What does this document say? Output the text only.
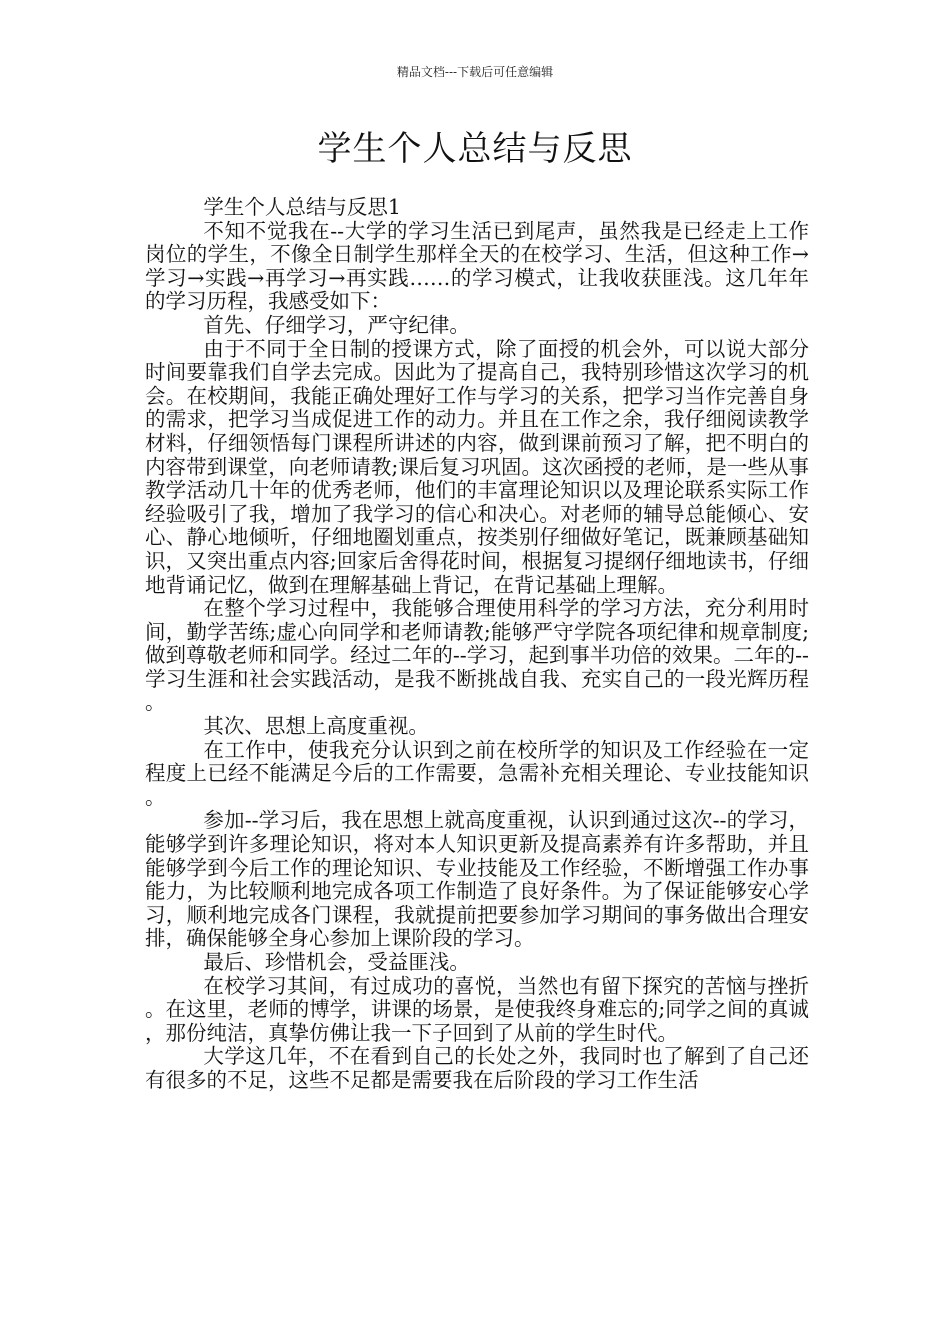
精品文档---下载后可任意编辑
学生个人总结与反思

学生个人总结与反思1

不知不觉我在--大学的学习生活已到尾声，虽然我是已经走上工作岗位的学生，不像全日制学生那样全天的在校学习、生活，但这种工作→学习→实践→再学习→再实践……的学习模式，让我收获匪浅。这几年年的学习历程，我感受如下：

首先、仔细学习，严守纪律。

由于不同于全日制的授课方式，除了面授的机会外，可以说大部分时间要靠我们自学去完成。因此为了提高自己，我特别珍惜这次学习的机会。在校期间，我能正确处理好工作与学习的关系，把学习当作完善自身的需求，把学习当成促进工作的动力。并且在工作之余，我仔细阅读教学材料，仔细领悟每门课程所讲述的内容，做到课前预习了解，把不明白的内容带到课堂，向老师请教;课后复习巩固。这次函授的老师，是一些从事教学活动几十年的优秀老师，他们的丰富理论知识以及理论联系实际工作经验吸引了我，增加了我学习的信心和决心。对老师的辅导总能倾心、安心、静心地倾听，仔细地圈划重点，按类别仔细做好笔记，既兼顾基础知识，又突出重点内容;回家后舍得花时间，根据复习提纲仔细地读书，仔细地背诵记忆，做到在理解基础上背记，在背记基础上理解。

在整个学习过程中，我能够合理使用科学的学习方法，充分利用时间，勤学苦练;虚心向同学和老师请教;能够严守学院各项纪律和规章制度;做到尊敬老师和同学。经过二年的--学习，起到事半功倍的效果。二年的--学习生涯和社会实践活动，是我不断挑战自我、充实自己的一段光辉历程。

其次、思想上高度重视。

在工作中，使我充分认识到之前在校所学的知识及工作经验在一定程度上已经不能满足今后的工作需要，急需补充相关理论、专业技能知识。

参加--学习后，我在思想上就高度重视，认识到通过这次--的学习，能够学到许多理论知识，将对本人知识更新及提高素养有许多帮助，并且能够学到今后工作的理论知识、专业技能及工作经验，不断增强工作办事能力，为比较顺利地完成各项工作制造了良好条件。为了保证能够安心学习，顺利地完成各门课程，我就提前把要参加学习期间的事务做出合理安排，确保能够全身心参加上课阶段的学习。

最后、珍惜机会，受益匪浅。

在校学习其间，有过成功的喜悦，当然也有留下探究的苦恼与挫折。在这里，老师的博学，讲课的场景，是使我终身难忘的;同学之间的真诚，那份纯洁，真挚仿佛让我一下子回到了从前的学生时代。

大学这几年，不在看到自己的长处之外，我同时也了解到了自己还有很多的不足，这些不足都是需要我在后阶段的学习工作生活
